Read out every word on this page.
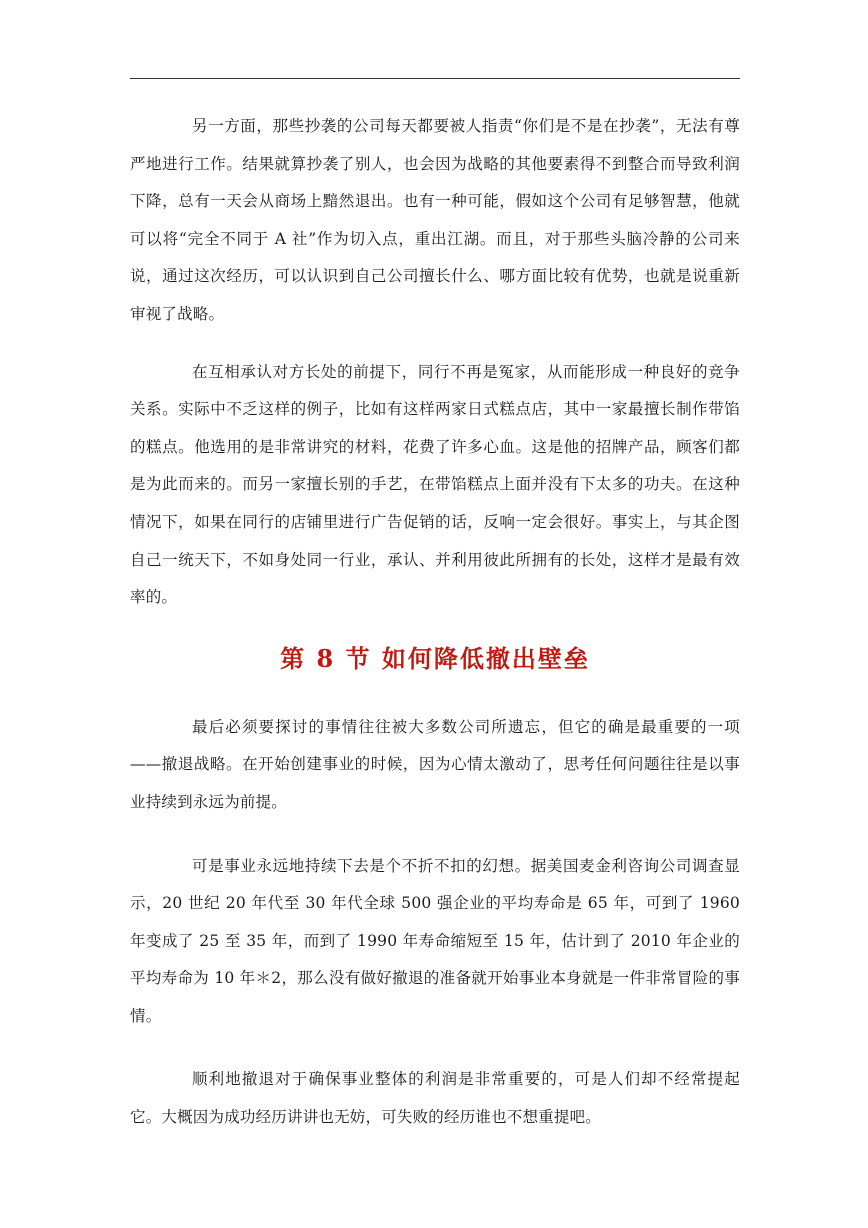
另一方面，那些抄袭的公司每天都要被人指责“你们是不是在抄袭”，无法有尊严地进行工作。结果就算抄袭了别人，也会因为战略的其他要素得不到整合而导致利润下降，总有一天会从商场上黯然退出。也有一种可能，假如这个公司有足够智慧，他就可以将“完全不同于 A 社”作为切入点，重出江湖。而且，对于那些头脑冷静的公司来说，通过这次经历，可以认识到自己公司擅长什么、哪方面比较有优势，也就是说重新审视了战略。

在互相承认对方长处的前提下，同行不再是冤家，从而能形成一种良好的竞争关系。实际中不乏这样的例子，比如有这样两家日式糕点店，其中一家最擅长制作带馅的糕点。他选用的是非常讲究的材料，花费了许多心血。这是他的招牌产品，顾客们都是为此而来的。而另一家擅长别的手艺，在带馅糕点上面并没有下太多的功夫。在这种情况下，如果在同行的店铺里进行广告促销的话，反响一定会很好。事实上，与其企图自己一统天下，不如身处同一行业，承认、并利用彼此所拥有的长处，这样才是最有效率的。

第 8 节 如何降低撤出壁垒

最后必须要探讨的事情往往被大多数公司所遗忘，但它的确是最重要的一项——撤退战略。在开始创建事业的时候，因为心情太激动了，思考任何问题往往是以事业持续到永远为前提。

可是事业永远地持续下去是个不折不扣的幻想。据美国麦金利咨询公司调查显示，20 世纪 20 年代至 30 年代全球 500 强企业的平均寿命是 65 年，可到了 1960 年变成了 25 至 35 年，而到了 1990 年寿命缩短至 15 年，估计到了 2010 年企业的平均寿命为 10 年＊2，那么没有做好撤退的准备就开始事业本身就是一件非常冒险的事情。

顺利地撤退对于确保事业整体的利润是非常重要的，可是人们却不经常提起它。大概因为成功经历讲讲也无妨，可失败的经历谁也不想重提吧。
